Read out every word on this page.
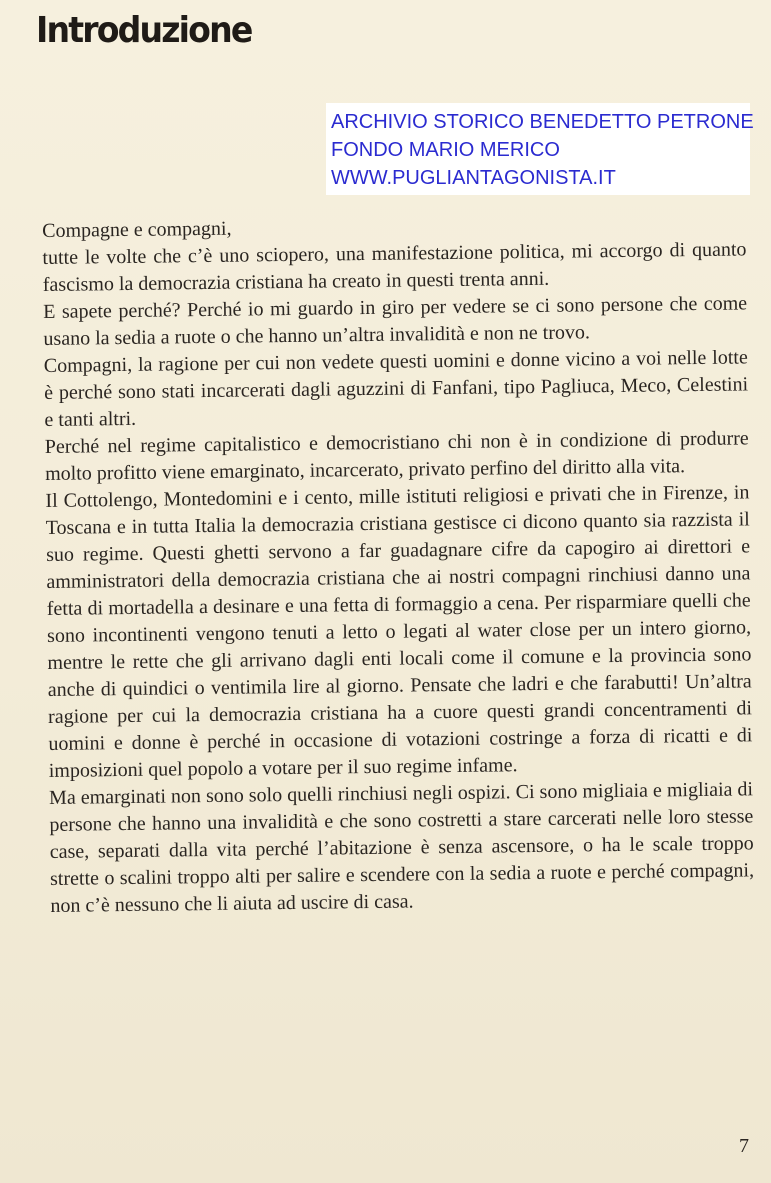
Introduzione
ARCHIVIO STORICO BENEDETTO PETRONE
FONDO MARIO MERICO
WWW.PUGLIANTAGONISTA.IT

Compagne e compagni,

tutte le volte che c’è uno sciopero, una manifestazione politica, mi accorgo di quanto fascismo la democrazia cristiana ha creato in questi trenta anni.

E sapete perché? Perché io mi guardo in giro per vedere se ci sono persone che come usano la sedia a ruote o che hanno un’altra invalidità e non ne trovo.

Compagni, la ragione per cui non vedete questi uomini e donne vicino a voi nelle lotte è perché sono stati incarcerati dagli aguzzini di Fanfani, tipo Pagliuca, Meco, Celestini e tanti altri.

Perché nel regime capitalistico e democristiano chi non è in condizione di produrre molto profitto viene emarginato, incarcerato, privato perfino del diritto alla vita.

Il Cottolengo, Montedomini e i cento, mille istituti religiosi e privati che in Firenze, in Toscana e in tutta Italia la democrazia cristiana gestisce ci dicono quanto sia razzista il suo regime. Questi ghetti servono a far guadagnare cifre da capogiro ai direttori e amministratori della democrazia cristiana che ai nostri compagni rinchiusi danno una fetta di mortadella a desinare e una fetta di formaggio a cena. Per risparmiare quelli che sono incontinenti vengono tenuti a letto o legati al water close per un intero giorno, mentre le rette che gli arrivano dagli enti locali come il comune e la provincia sono anche di quindici o ventimila lire al giorno. Pensate che ladri e che farabutti! Un’altra ragione per cui la democrazia cristiana ha a cuore questi grandi concentramenti di uomini e donne è perché in occasione di votazioni costringe a forza di ricatti e di imposizioni quel popolo a votare per il suo regime infame.

Ma emarginati non sono solo quelli rinchiusi negli ospizi. Ci sono migliaia e migliaia di persone che hanno una invalidità e che sono costretti a stare carcerati nelle loro stesse case, separati dalla vita perché l’abitazione è senza ascensore, o ha le scale troppo strette o scalini troppo alti per salire e scendere con la sedia a ruote e perché compagni, non c’è nessuno che li aiuta ad uscire di casa.

7
